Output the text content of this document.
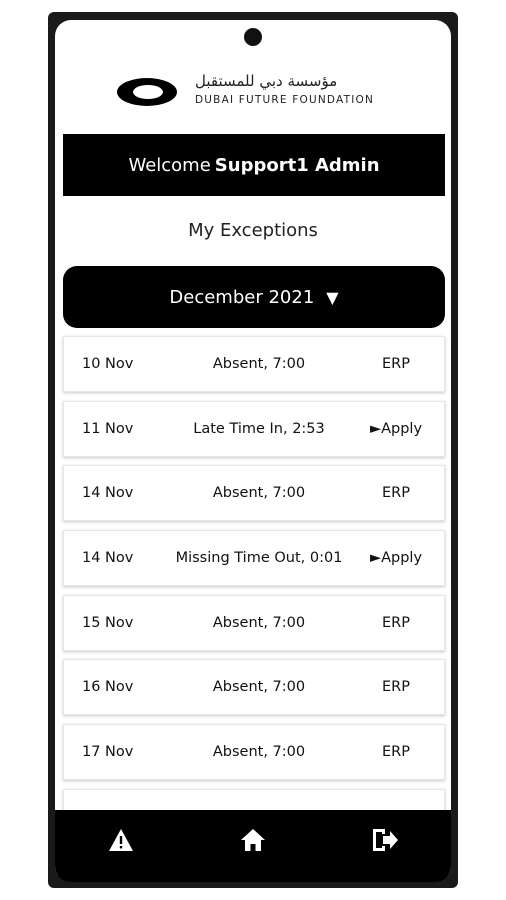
مؤسسة دبي للمستقبل
DUBAI FUTURE FOUNDATION
Welcome Support1 Admin
My Exceptions
December 2021 ▼
10 Nov	Absent, 7:00	ERP
11 Nov	Late Time In, 2:53	►Apply
14 Nov	Absent, 7:00	ERP
14 Nov	Missing Time Out, 0:01	►Apply
15 Nov	Absent, 7:00	ERP
16 Nov	Absent, 7:00	ERP
17 Nov	Absent, 7:00	ERP
